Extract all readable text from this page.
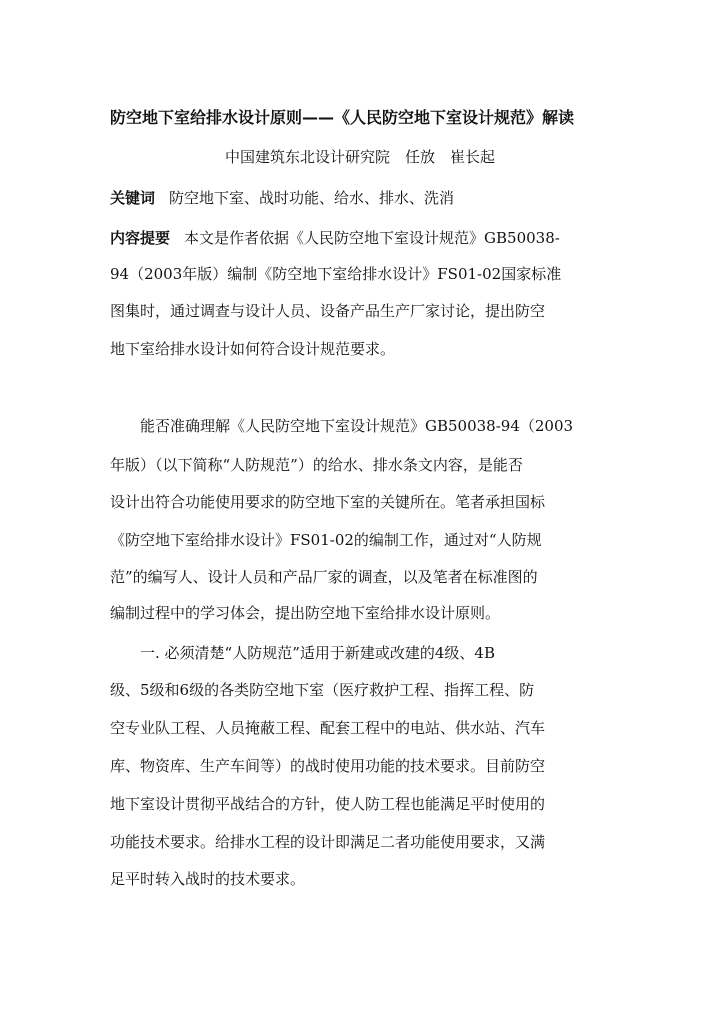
防空地下室给排水设计原则——《人民防空地下室设计规范》解读
中国建筑东北设计研究院　任放　崔长起
关键词 防空地下室、战时功能、给水、排水、洗消
内容提要 本文是作者依据《人民防空地下室设计规范》GB50038-
94（2003年版）编制《防空地下室给排水设计》FS01-02国家标准
图集时，通过调查与设计人员、设备产品生产厂家讨论，提出防空
地下室给排水设计如何符合设计规范要求。
　　能否准确理解《人民防空地下室设计规范》GB50038-94（2003
年版）（以下简称“人防规范”）的给水、排水条文内容，是能否
设计出符合功能使用要求的防空地下室的关键所在。笔者承担国标
《防空地下室给排水设计》FS01-02的编制工作，通过对“人防规
范”的编写人、设计人员和产品厂家的调查，以及笔者在标准图的
编制过程中的学习体会，提出防空地下室给排水设计原则。
　　一. 必须清楚“人防规范”适用于新建或改建的4级、4B
级、5级和6级的各类防空地下室（医疗救护工程、指挥工程、防
空专业队工程、人员掩蔽工程、配套工程中的电站、供水站、汽车
库、物资库、生产车间等）的战时使用功能的技术要求。目前防空
地下室设计贯彻平战结合的方针，使人防工程也能满足平时使用的
功能技术要求。给排水工程的设计即满足二者功能使用要求，又满
足平时转入战时的技术要求。
